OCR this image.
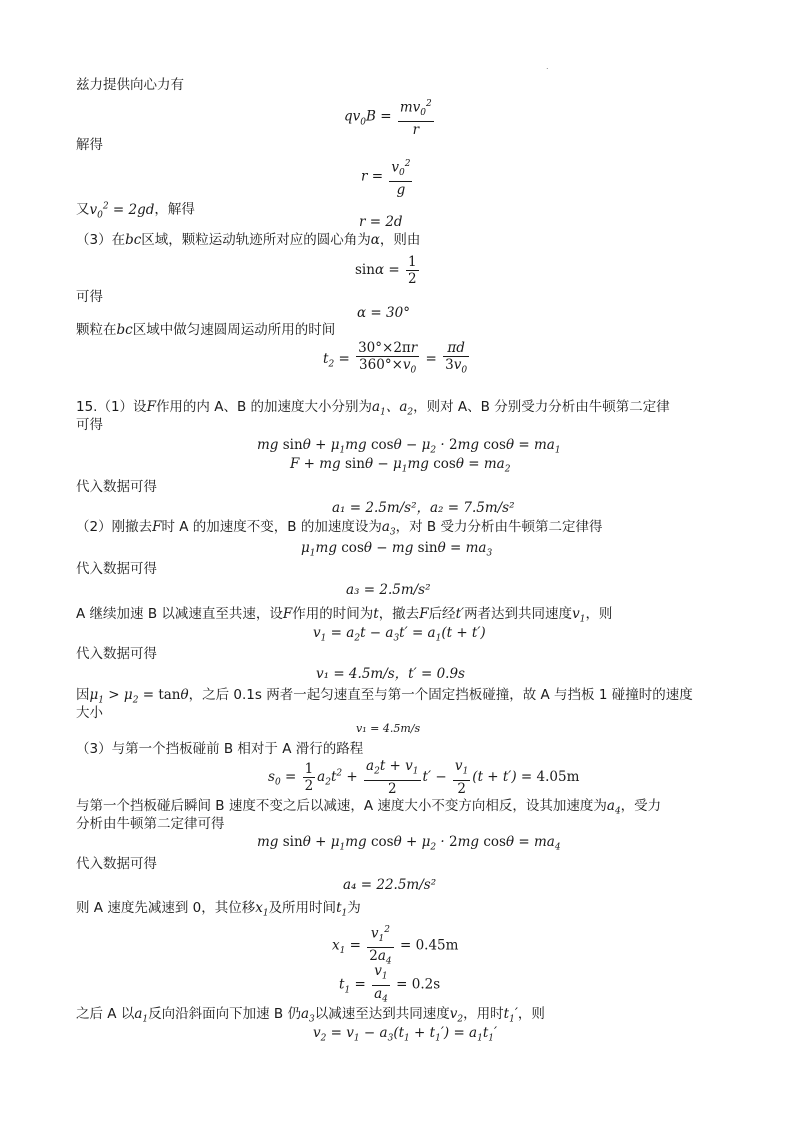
.
兹力提供向心力有
$qv_0B = \frac{mv_0^2}{r}$
解得
$r = \frac{v_0^2}{g}$
又$v_0^2 = 2gd$，解得
r = 2d
（3）在bc区域，颗粒运动轨迹所对应的圆心角为α，则由
$\sin\alpha = \frac{1}{2}$
可得
α = 30°
颗粒在bc区域中做匀速圆周运动所用的时间
$t_2 = \frac{30^\circ\times 2\pi r}{360^\circ\times v_0} = \frac{\pi d}{3v_0}$
15.（1）设F作用的内 A、B 的加速度大小分别为$a_1$、$a_2$，则对 A、B 分别受力分析由牛顿第二定律
可得
mg $\sin\theta + \mu_1mg$ $\cos\theta - \mu_2 \cdot 2mg$ $\cos\theta = ma_1$
F + mg $\sin\theta - \mu_1mg$ $\cos\theta = ma_2$
代入数据可得
a₁ = 2.5m/s²，a₂ = 7.5m/s²
（2）刚撤去F时 A 的加速度不变，B 的加速度设为$a_3$，对 B 受力分析由牛顿第二定律得
$\mu_1mg$ cosθ − mg $\sin\theta = ma_3$
代入数据可得
a₃ = 2.5m/s²
A 继续加速 B 以减速直至共速，设F作用的时间为t，撤去F后经t′两者达到共同速度$v_1$，则
$v_1 = a_2t - a_3t' = a_1(t + t')$
代入数据可得
v₁ = 4.5m/s，t′ = 0.9s
因$\mu_1 > \mu_2 = \tan\theta$，之后 0.1s 两者一起匀速直至与第一个固定挡板碰撞，故 A 与挡板 1 碰撞时的速度
大小
v₁ = 4.5m/s
（3）与第一个挡板碰前 B 相对于 A 滑行的路程
$s_0 = \frac{1}{2} a_2t^2 + \frac{a_2t + v_1}{2} t' - \frac{v_1}{2} (t + t') = 4.05m$
与第一个挡板碰后瞬间 B 速度不变之后以减速，A 速度大小不变方向相反，设其加速度为$a_4$，受力
分析由牛顿第二定律可得
mg $\sin\theta + \mu_1mg$ $\cos\theta + \mu_2 \cdot 2mg$ $\cos\theta = ma_4$
代入数据可得
a₄ = 22.5m/s²
则 A 速度先减速到 0，其位移$x_1$及所用时间$t_1$为
$x_1 = \frac{v_1^2}{2a_4} = 0.45m$
$t_1 = \frac{v_1}{a_4} = 0.2s$
之后 A 以$a_1$反向沿斜面向下加速 B 仍$a_3$以减速至达到共同速度$v_2$，用时$t_1'$，则
$v_2 = v_1 - a_3(t_1 + t_1') = a_1t_1'$
